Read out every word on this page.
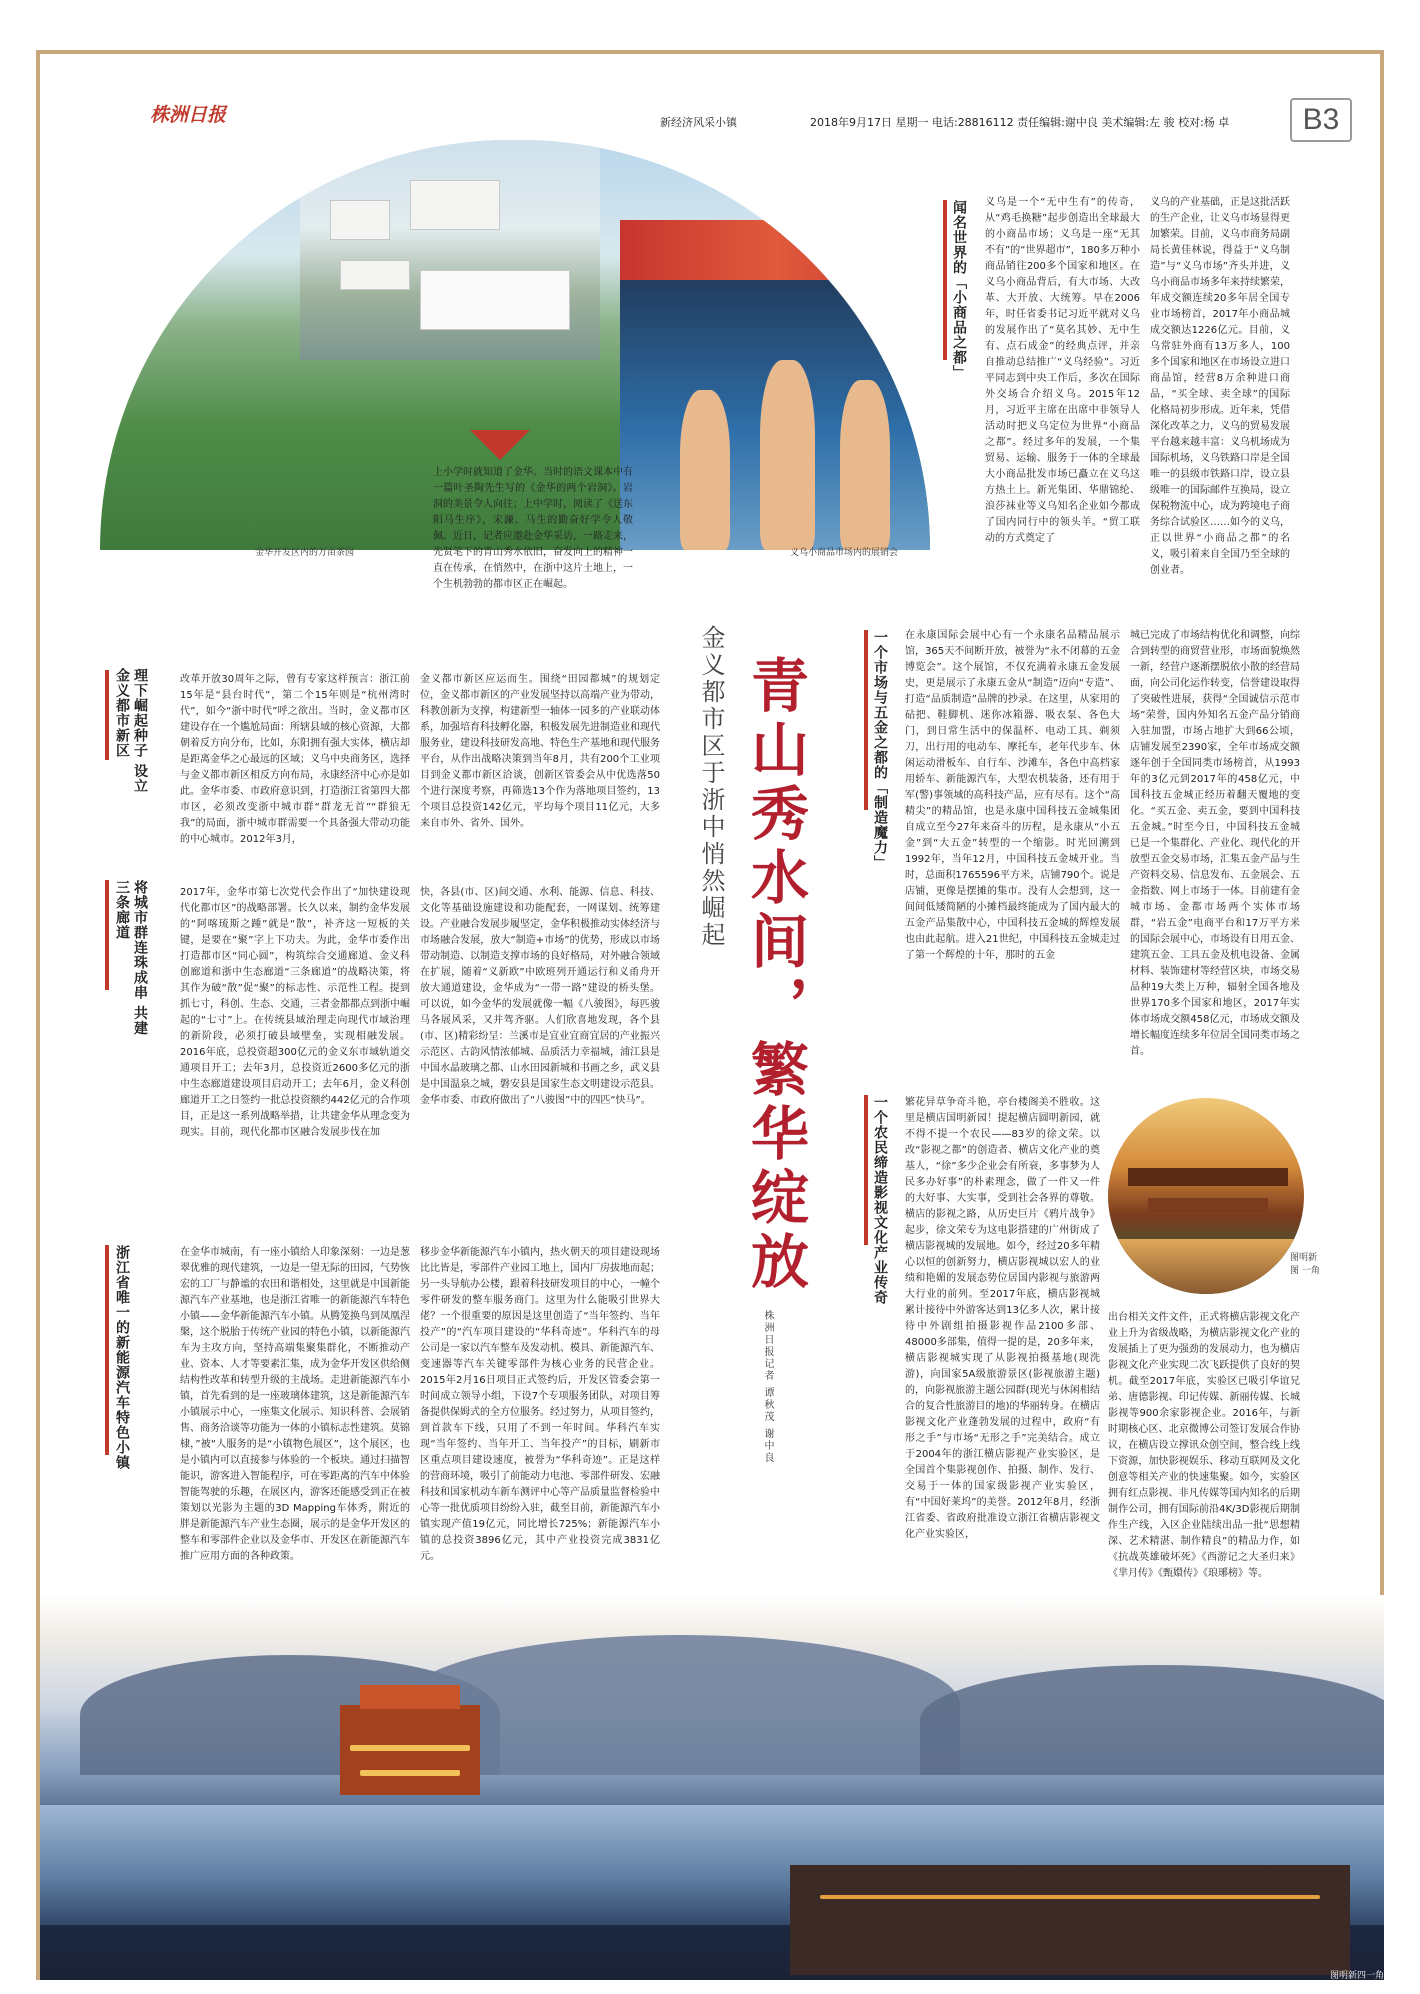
株洲日报	新经济风采小镇	2018年9月17日 星期一 电话:28816112 责任编辑:谢中良 美术编辑:左 骏 校对:杨 卓	B3
金华开发区内的万亩茶园	义乌小商品市场内的展销会
上小学时就知道了金华。当时的语文课本中有一篇叶圣陶先生写的《金华的两个岩洞》。岩洞的美景令人向往；上中学时，阅读了《送东阳马生序》，宋濂、马生的勤奋好学令人敬佩。近日，记者应邀赴金华采访，一路走来，先贤笔下的青山秀水依旧，奋发向上的精神一直在传承，在悄然中，在浙中这片土地上，一个生机勃勃的都市区正在崛起。
闻名世界的「小商品之都」 义乌是一个“无中生有”的传奇，从“鸡毛换糖”起步创造出全球最大的小商品市场；义乌是一座“无其不有”的“世界超市”，180多万种小商品销往200多个国家和地区。在义乌小商品背后，有大市场、大改革、大开放、大统筹。早在2006年，时任省委书记习近平就对义乌的发展作出了“莫名其妙、无中生有、点石成金”的经典点评，并亲自推动总结推广“义乌经验”。习近平同志到中央工作后，多次在国际外交场合介绍义乌。2015年12月，习近平主席在出席中非领导人活动时把义乌定位为世界“小商品之都”。经过多年的发展，一个集贸易、运输、服务于一体的全球最大小商品批发市场已矗立在义乌这方热土上。新光集团、华鼎锦纶、浪莎袜业等义乌知名企业如今都成了国内同行中的领头羊。“贸工联动的方式奠定了
义乌的产业基础，正是这批活跃的生产企业，让义乌市场显得更加繁荣。目前，义乌市商务局副局长黄佳林说，得益于“义乌制造”与“义乌市场”齐头并进，义乌小商品市场多年来持续繁荣，年成交额连续20多年居全国专业市场榜首，2017年小商品城成交额达1226亿元。目前，义乌常驻外商有13万多人，100多个国家和地区在市场设立进口商品馆，经营8万余种进口商品，“买全球、卖全球”的国际化格局初步形成。近年来，凭借深化改革之力，义乌的贸易发展平台越来越丰富：义乌机场成为国际机场，义乌铁路口岸是全国唯一的县级市铁路口岸，设立县级唯一的国际邮件互换局，设立保税物流中心，成为跨境电子商务综合试验区……如今的义乌，正以世界“小商品之都”的名义，吸引着来自全国乃至全球的创业者。
青山秀水间，繁华绽放
金义都市区于浙中悄然崛起
株洲日报记者 谭秋茂 谢中良
理下崛起种子 设立金义都市新区	改革开放30周年之际，曾有专家这样预言：浙江前15年是“县台时代”，第二个15年则是“杭州湾时代”，如今“浙中时代”呼之欲出。当时，金义都市区建设存在一个尴尬局面：所辖县域的核心资源，大都朝着反方向分布，比如，东阳拥有强大实体，横店却是距离金华之心最远的区域；义乌中央商务区，选择与金义都市新区相反方向布局，永康经济中心亦是如此。金华市委、市政府意识到，打造浙江省第四大都市区，必须改变浙中城市群“群龙无首”“群狼无我”的局面，浙中城市群需要一个具备强大带动功能的中心城市。2012年3月，
金义都市新区应运而生。围绕“田园都城”的规划定位，金义都市新区的产业发展坚持以高端产业为带动，科教创新为支撑，构建新型一轴体一园多的产业联动体系，加强培育科技孵化器，积极发展先进制造业和现代服务业，建设科技研发高地、特色生产基地和现代服务平台，从作出战略决策到当年8月，共有200个工业项目到金义都市新区洽谈，创新区管委会从中优选落50个进行深度考察，再筛选13个作为落地项目签约，13个项目总投资142亿元，平均每个项目11亿元，大多来自市外、省外、国外。
将城市群连珠成串 共建三条廊道	2017年，金华市第七次党代会作出了“加快建设现代化都市区”的战略部署。长久以来，制约金华发展的“阿喀琉斯之踵”就是“散”，补齐这一短板的关键，是要在“聚”字上下功夫。为此，金华市委作出打造都市区“同心圆”，构筑综合交通廊道、金义科创廊道和浙中生态廊道“三条廊道”的战略决策，将其作为破“散”促“聚”的标志性、示范性工程。提到抓七寸，科创、生态、交通，三者金都都点到浙中崛起的“七寸”上。在传统县域治理走向现代市域治理的新阶段，必须打破县域壁垒，实现相融发展。2016年底，总投资超300亿元的金义东市域轨道交通项目开工；去年3月，总投资近2600多亿元的浙中生态廊道建设项目启动开工；去年6月，金义科创廊道开工之日签约一批总投资额约442亿元的合作项目，正是这一系列战略举措，让共建金华从理念变为现实。目前，现代化都市区融合发展步伐在加
快，各县(市、区)间交通、水利、能源、信息、科技、文化等基础设施建设和功能配套，一网谋划、统筹建设。产业融合发展步履坚定，金华积极推动实体经济与市场融合发展，放大“制造+市场”的优势，形成以市场带动制造、以制造支撑市场的良好格局，对外融合领域在扩展，随着“义新欧”中欧班列开通运行和义甬舟开放大通道建设，金华成为“一带一路”建设的桥头堡。可以说，如今金华的发展就像一幅《八骏图》，每匹骏马各展风采，又并驾齐驱。人们欣喜地发现，各个县(市、区)精彩纷呈：兰溪市是宜业宜商宜居的产业振兴示范区、古韵风情浓郁城、品质活力幸福城，浦江县是中国水晶玻璃之都、山水田园新城和书画之乡，武义县是中国温泉之城，磐安县是国家生态文明建设示范县。金华市委、市政府做出了“八骏图”中的四匹“快马”。
浙江省唯一的新能源汽车特色小镇	在金华市城南，有一座小镇给人印象深刻：一边是葱翠优雅的现代建筑，一边是一望无际的田园，气势恢宏的工厂与静谧的农田和谐相处，这里就是中国新能源汽车产业基地，也是浙江省唯一的新能源汽车特色小镇——金华新能源汽车小镇。从腾笼换鸟到凤凰涅槃，这个脱胎于传统产业园的特色小镇，以新能源汽车为主攻方向，坚持高端集聚集群化，不断推动产业、资本、人才等要素汇集，成为金华开发区供给侧结构性改革和转型升级的主战场。走进新能源汽车小镇，首先看到的是一座玻璃体建筑，这是新能源汽车小镇展示中心，一座集文化展示、知识科普、会展销售、商务洽谈等功能为一体的小镇标志性建筑。莫锦棣，”被“人服务的是“小镇物色展区”，这个展区，也是小镇内可以直接参与体验的一个板块。通过扫描智能识，游客进入智能程序，可在零距离的汽车中体验智能驾驶的乐趣，在展区内，游客还能感受到正在被策划以光影为主题的3D Mapping车体秀，附近的胖是新能源汽车产业生态圈，展示的是金华开发区的整车和零部件企业以及金华市、开发区在新能源汽车推广应用方面的各种政策。
移步金华新能源汽车小镇内，热火朝天的项目建设现场比比皆是，零部件产业园工地上，国内厂房拔地而起；另一头导航办公楼，跟着科技研发项目的中心，一幢个零件研发的整车服务商门。这里为什么能吸引世界大佬？一个很重要的原因是这里创造了“当年签约、当年投产”的“汽车项目建设的“华科奇迹”。华科汽车的母公司是一家以汽车整车及发动机、模具、新能源汽车、变速器等汽车关键零部件为核心业务的民营企业。2015年2月16日项目正式签约后，开发区管委会第一时间成立领导小组，下设7个专项服务团队，对项目筹备提供保姆式的全方位服务。经过努力，从项目签约，到首款车下线，只用了不到一年时间。华科汽车实现“当年签约、当年开工、当年投产”的目标，刷新市区重点项目建设速度，被誉为“华科奇迹”。正是这样的营商环境，吸引了前能动力电池、零部件研发、宏融科技和国家机动车新车测评中心等产品质量监督检验中心等一批优质项目纷纷入驻，截至目前，新能源汽车小镇实现产值19亿元，同比增长725%；新能源汽车小镇的总投资3896亿元，其中产业投资完成3831亿元。
一个市场与五金之都的「制造魔力」 在永康国际会展中心有一个永康名品精品展示馆，365天不间断开放，被誉为“永不闭幕的五金博览会”。这个展馆，不仅充满着永康五金发展史，更是展示了永康五金从“制造”迈向“专造”、打造“品质制造”品牌的抄录。在这里，从家用的砧把、鞋脚机、迷你冰箱器、吸衣泵、各色大门，到日常生活中的保温杯、电动工具、剃须刀，出行用的电动车、摩托车，老年代步车、休闲运动滑板车、自行车、沙滩车，各色中高档家用轿车、新能源汽车，大型农机装备，还有用于军(警)事领域的高科技产品，应有尽有。这个“高精尖”的精品馆，也是永康中国科技五金城集团自成立至今27年来奋斗的历程，是永康从“小五金”到“大五金”转型的一个缩影。时光回溯到1992年，当年12月，中国科技五金城开业。当时，总面积1765596平方米，店铺790个。说是店铺，更像是摆摊的集市。没有人会想到，这一间间低矮简陋的小摊档最终能成为了国内最大的五金产品集散中心，中国科技五金城的辉煌发展也由此起航。进入21世纪，中国科技五金城走过了第一个辉煌的十年，那时的五金
城已完成了市场结构优化和调整，向综合到转型的商贸营业形，市场面貌焕然一新，经营户逐渐摆脱依小散的经营局面，向公司化运作转变，信誉建设取得了突破性进展，获得“全国诚信示范市场”荣誉，国内外知名五金产品分销商入驻加盟，市场占地扩大到66公顷，店铺发展至2390家，全年市场成交额逐年创于全国同类市场榜首，从1993年的3亿元到2017年的458亿元，中国科技五金城正经历着翻天覆地的变化。“买五金、卖五金，要到中国科技五金城。”时至今日，中国科技五金城已是一个集群化、产业化、现代化的开放型五金交易市场，汇集五金产品与生产资料交易、信息发布、五金展会、五金指数、网上市场于一体。目前建有金城市场、金都市场两个实体市场群，“岩五金”电商平台和17万平方米的国际会展中心，市场设有日用五金、建筑五金、工具五金及机电设备、金属材料、装饰建材等经营区块，市场交易品种19大类上万种，辐射全国各地及世界170多个国家和地区，2017年实体市场成交额458亿元，市场成交额及增长幅度连续多年位居全国同类市场之首。
一个农民缔造影视文化产业传奇 繁花异草争奇斗艳，亭台楼阁美不胜收。这里是横店国明新园！提起横店圆明新园，就不得不提一个农民——83岁的徐文荣。以改“影视之都”的创造者、横店文化产业的奠基人，“徐”多少企业会有所衰，多事梦为人民多办好事”的朴素理念，做了一件又一件的大好事、大实事，受到社会各界的尊敬。横店的影视之路，从历史巨片《鸦片战争》起步，徐文荣专为这电影搭建的广州街成了横店影视城的发展地。如今，经过20多年精心以恒的创新努力，横店影视城以宏人的业绩和艳媚的发展态势位居国内影视与旅游两大行业的前列。至2017年底，横店影视城累计接待中外游客达到13亿多人次，累计接待中外剧组拍摄影视作品2100多部、48000多部集，值得一提的是，20多年来，横店影视城实现了从影视拍摄基地(现洗游)，向国家5A级旅游景区(影视旅游主题)的，向影视旅游主题公园群(现光与休闲相结合的复合性旅游目的地)的华丽转身。在横店影视文化产业蓬勃发展的过程中，政府“有形之手”与市场“无形之手”完美结合。成立于2004年的浙江横店影视产业实验区，是全国首个集影视创作、拍摄、制作、发行、交易于一体的国家级影视产业实验区，有“中国好莱坞”的美誉。2012年8月，经浙江省委、省政府批准设立浙江省横店影视文化产业实验区，
出台相关文件文件，正式将横店影视文化产业上升为省级战略，为横店影视文化产业的发展插上了更为强劲的发展动力，也为横店影视文化产业实现二次飞跃提供了良好的契机。截至2017年底，实验区已吸引华谊兄弟、唐德影视、印记传媒、新丽传媒、长城影视等900余家影视企业。2016年，与新时期核心区、北京微博公司签订发展合作协议，在横店设立撑讯众创空间，整合线上线下资源，加快影视娱乐、移动互联网及文化创意等相关产业的快速集聚。如今，实验区拥有红点影视、非凡传媒等国内知名的后期制作公司，拥有国际前沿4K/3D影视后期制作生产线，入区企业陆续出品一批“思想精深、艺术精湛、制作精良”的精品力作，如《抗战英雄破坏死》《西游记之大圣归来》《芈月传》《甄嬛传》《琅琊榜》等。
图明新图 一角
图明新四一角
